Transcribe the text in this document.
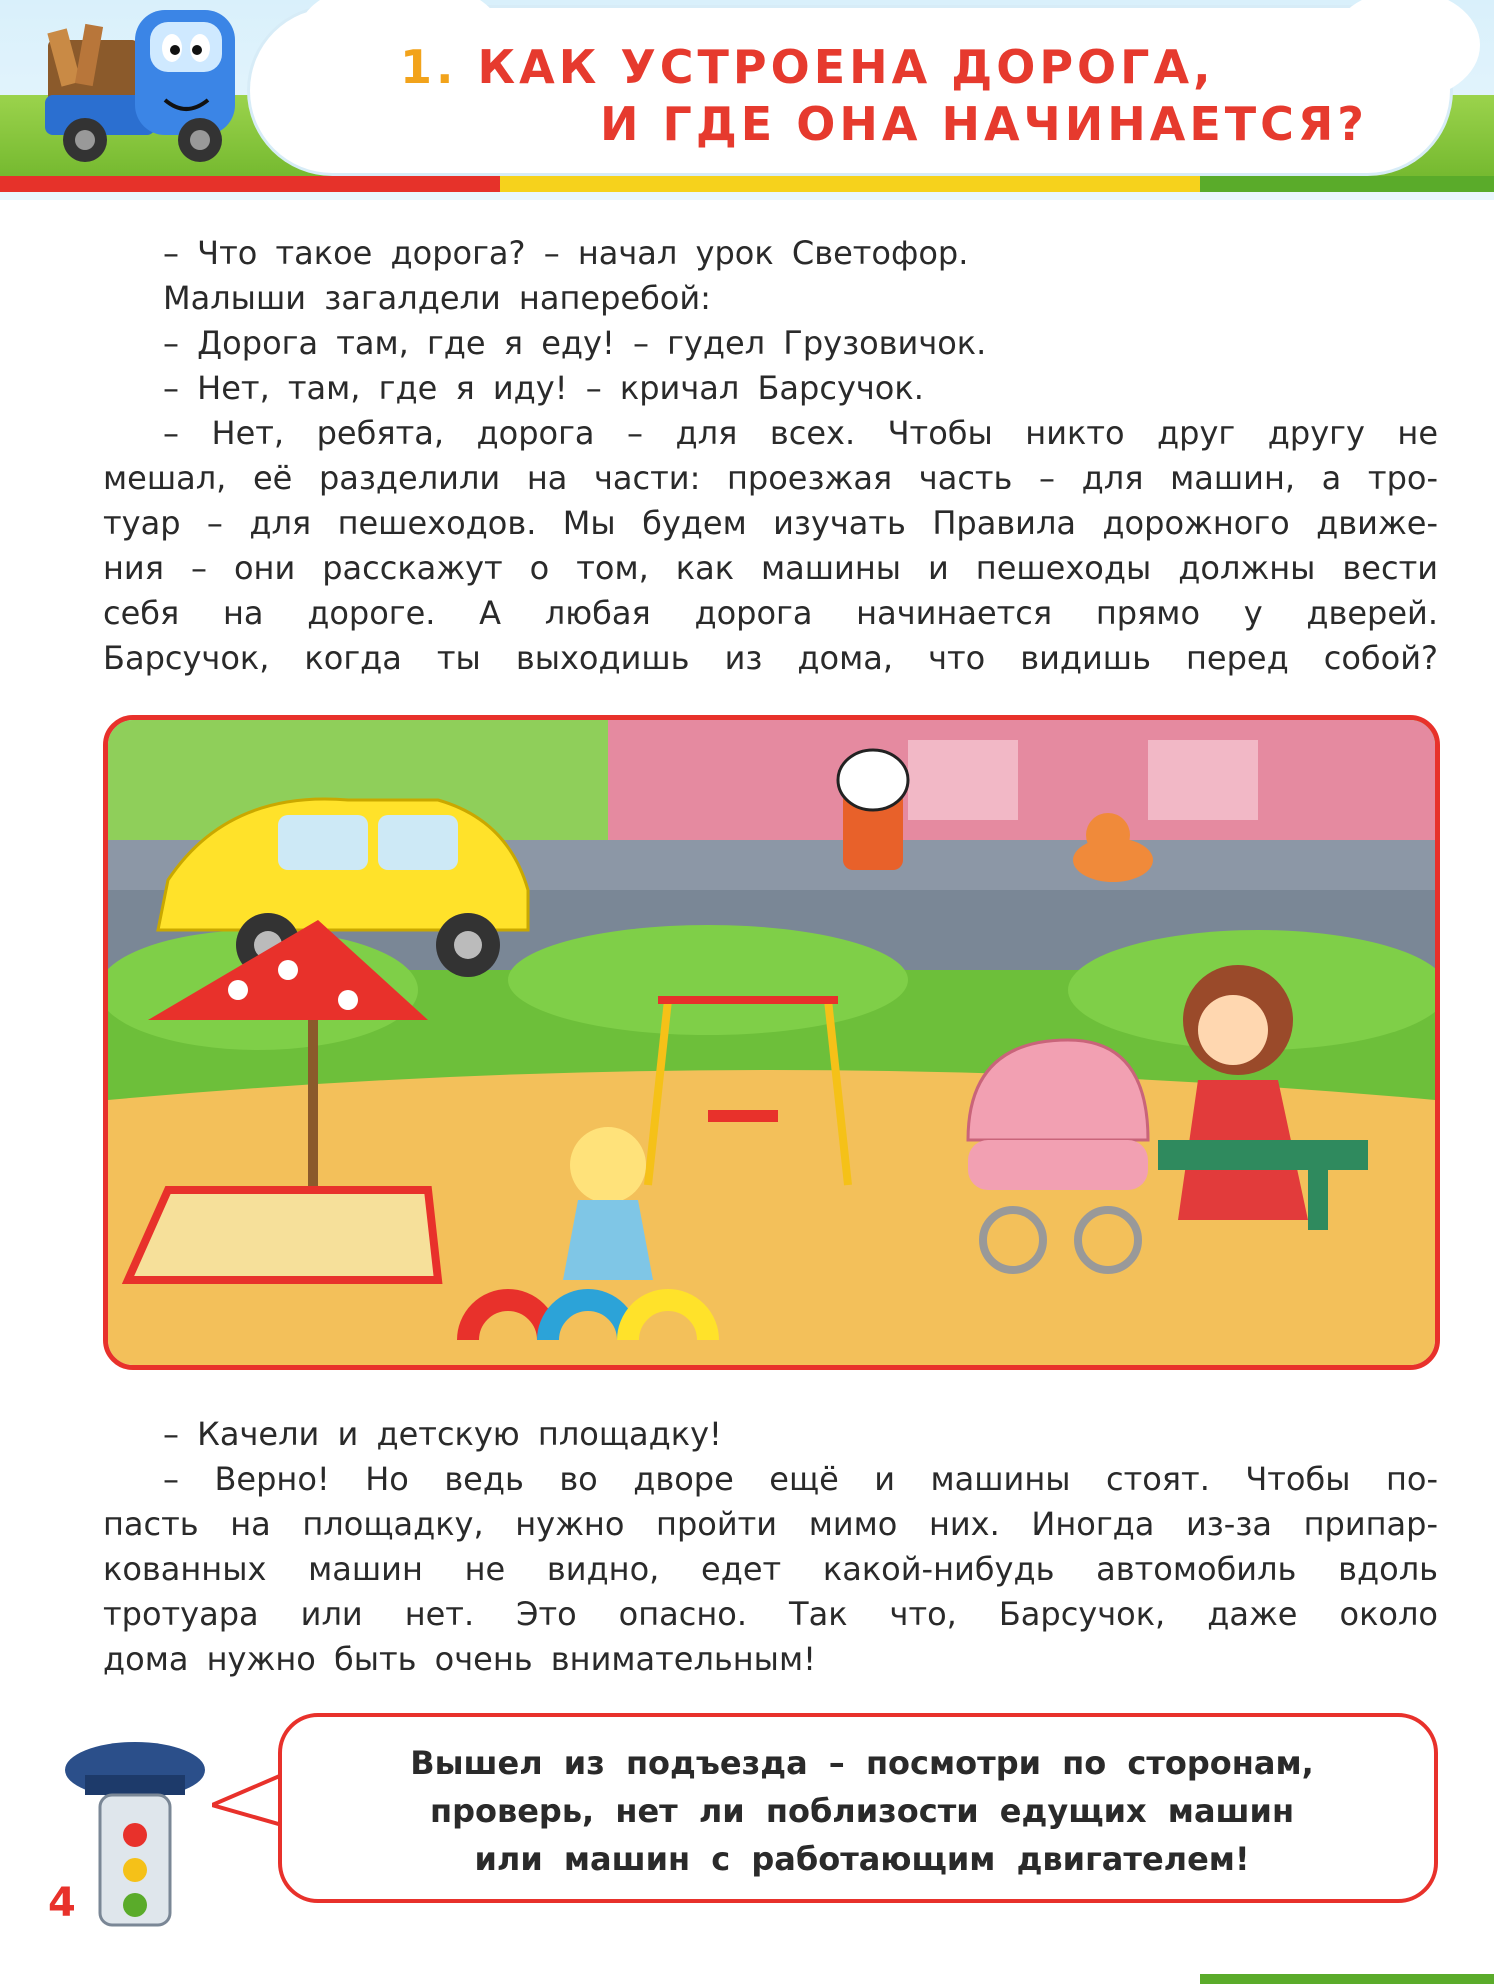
1. КАК УСТРОЕНА ДОРОГА,
И ГДЕ ОНА НАЧИНАЕТСЯ?

– Что такое дорога? – начал урок Светофор.

Малыши загалдели наперебой:

– Дорога там, где я еду! – гудел Грузовичок.

– Нет, там, где я иду! – кричал Барсучок.

– Нет, ребята, дорога – для всех. Чтобы никто друг другу не

мешал, её разделили на части: проезжая часть – для машин, а тро-

туар – для пешеходов. Мы будем изучать Правила дорожного движе-

ния – они расскажут о том, как машины и пешеходы должны вести

себя на дороге. А любая дорога начинается прямо у дверей.

Барсучок, когда ты выходишь из дома, что видишь перед собой?

– Качели и детскую площадку!

– Верно! Но ведь во дворе ещё и машины стоят. Чтобы по-

пасть на площадку, нужно пройти мимо них. Иногда из-за припар-

кованных машин не видно, едет какой-нибудь автомобиль вдоль

тротуара или нет. Это опасно. Так что, Барсучок, даже около

дома нужно быть очень внимательным!

Вышел из подъезда – посмотри по сторонам,
проверь, нет ли поблизости едущих машин
или машин с работающим двигателем!
4
